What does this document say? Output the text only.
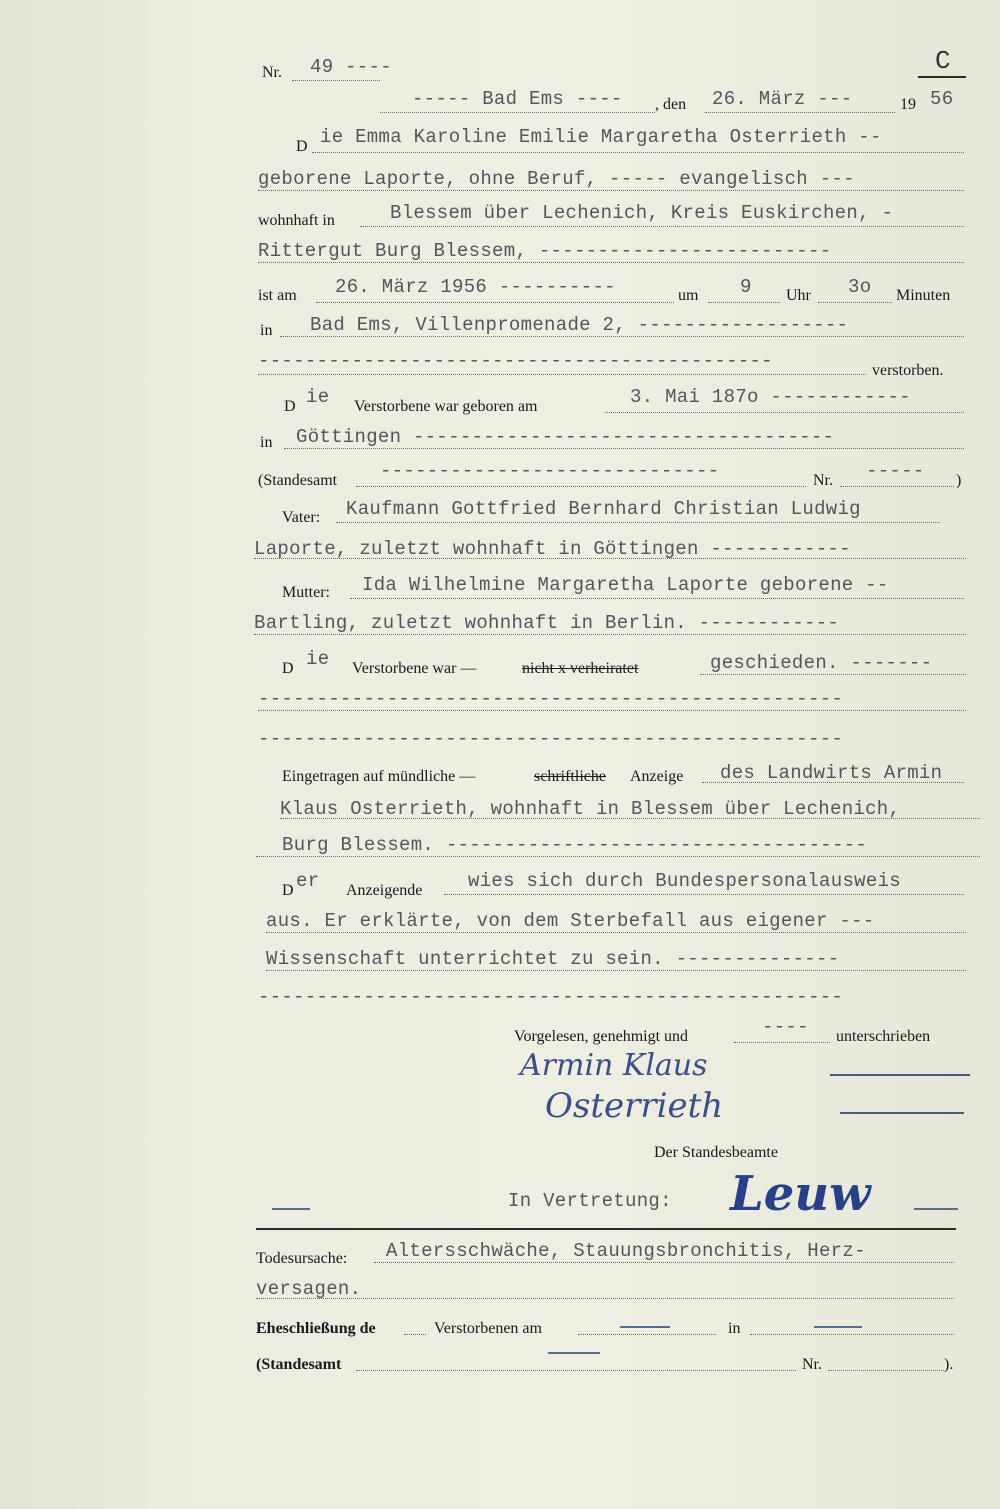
Nr. 49 ----	C
----- Bad Ems ---- , den 26. März ---	19 56
D ie Emma Karoline Emilie Margaretha Osterrieth --
geborene Laporte, ohne Beruf, ----- evangelisch ---
wohnhaft in	Blessem über Lechenich, Kreis Euskirchen, -
Rittergut Burg Blessem, -------------------------
ist am 26. März 1956 ----------	um 9 Uhr 3o Minuten
in Bad Ems, Villenpromenade 2, ------------------
--------------------------------------------	verstorben.
D ie Verstorbene war geboren am	3. Mai 187o ------------
in Göttingen ------------------------------------
(Standesamt -----------------------------	Nr. ----- )
Vater: Kaufmann Gottfried Bernhard Christian Ludwig
Laporte, zuletzt wohnhaft in Göttingen ------------
Mutter: Ida Wilhelmine Margaretha Laporte geborene --
Bartling, zuletzt wohnhaft in Berlin. ------------
D ie Verstorbene war —	nicht x verheiratet	geschieden. -------
--------------------------------------------------
--------------------------------------------------
Eingetragen auf mündliche —	schriftliche Anzeige des Landwirts Armin
Klaus Osterrieth, wohnhaft in Blessem über Lechenich,
Burg Blessem. ------------------------------------
D er Anzeigende wies sich durch Bundespersonalausweis
aus. Er erklärte, von dem Sterbefall aus eigener ---
Wissenschaft unterrichtet zu sein. --------------
--------------------------------------------------
Vorgelesen, genehmigt und	---- unterschrieben
Armin Klaus
Osterrieth
Der Standesbeamte
In Vertretung: Leuw
Todesursache: Altersschwäche, Stauungsbronchitis, Herz-
versagen.
Eheschließung de	Verstorbenen am	in
(Standesamt	Nr.	).
